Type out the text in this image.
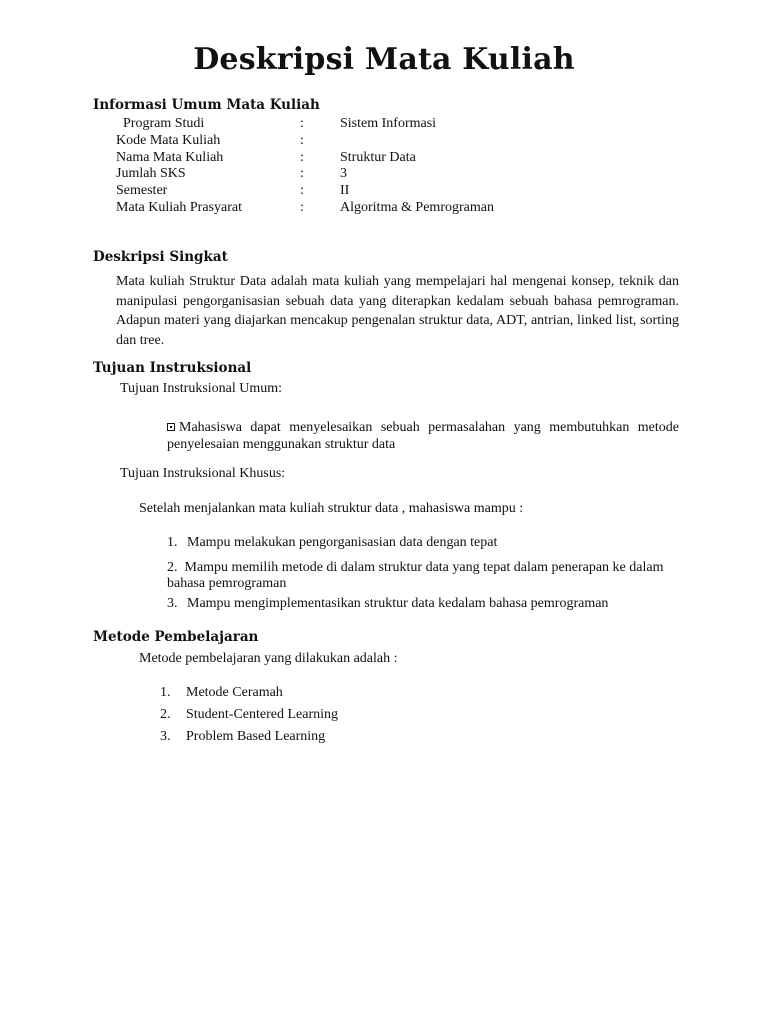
Deskripsi Mata Kuliah
Informasi Umum Mata Kuliah
Program Studi	:	Sistem Informasi
Kode Mata Kuliah	:
Nama Mata Kuliah	:	Struktur Data
Jumlah SKS	:	3
Semester	:	II
Mata Kuliah Prasyarat	:	Algoritma & Pemrograman
Deskripsi Singkat
Mata kuliah Struktur Data adalah mata kuliah yang mempelajari hal mengenai konsep, teknik dan manipulasi pengorganisasian sebuah data yang diterapkan kedalam sebuah bahasa pemrograman. Adapun materi yang diajarkan mencakup pengenalan struktur data, ADT, antrian, linked list, sorting dan tree.
Tujuan Instruksional
Tujuan Instruksional Umum:
Mahasiswa dapat menyelesaikan sebuah permasalahan yang membutuhkan metode penyelesaian menggunakan struktur data
Tujuan Instruksional Khusus:
Setelah menjalankan mata kuliah struktur data , mahasiswa mampu :
1. Mampu melakukan pengorganisasian data dengan tepat
2. Mampu memilih metode di dalam struktur data yang tepat dalam penerapan ke dalam bahasa pemrograman
3. Mampu mengimplementasikan struktur data kedalam bahasa pemrograman
Metode Pembelajaran
Metode pembelajaran yang dilakukan adalah :
1. Metode Ceramah
2. Student-Centered Learning
3. Problem Based Learning
